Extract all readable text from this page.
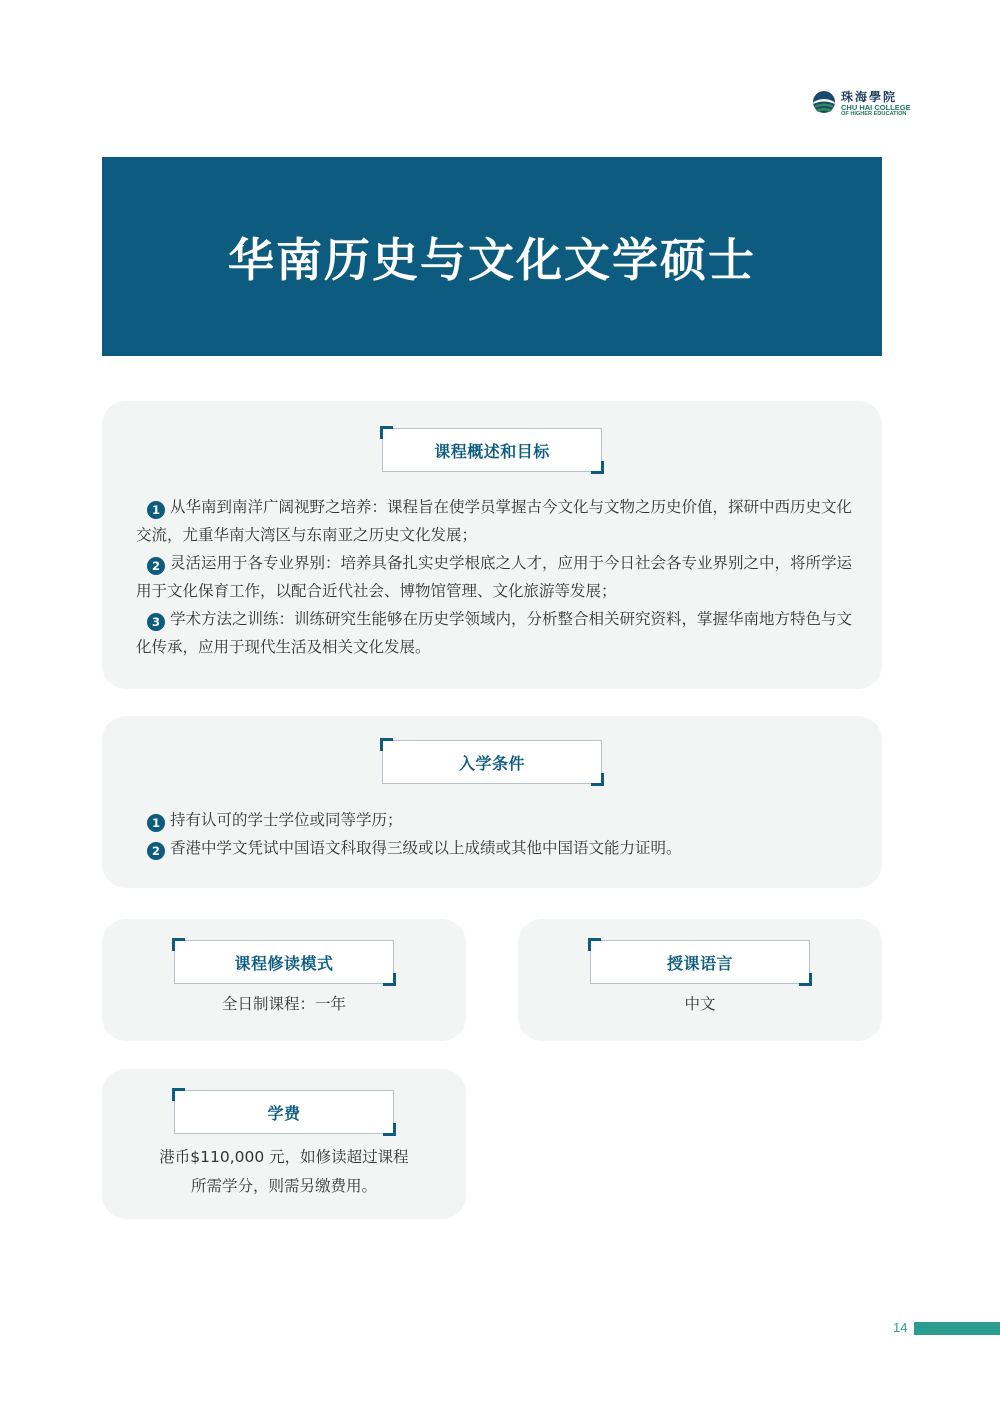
珠海學院
CHU HAI COLLEGE
OF HIGHER EDUCATION
华南历史与文化文学硕士
课程概述和目标

1 从华南到南洋广阔视野之培养：课程旨在使学员掌握古今文化与文物之历史价值，探研中西历史文化交流，尤重华南大湾区与东南亚之历史文化发展；

2 灵活运用于各专业界别：培养具备扎实史学根底之人才，应用于今日社会各专业界别之中，将所学运用于文化保育工作，以配合近代社会、博物馆管理、文化旅游等发展；

3 学术方法之训练：训练研究生能够在历史学领域内，分析整合相关研究资料，掌握华南地方特色与文化传承，应用于现代生活及相关文化发展。

入学条件

1 持有认可的学士学位或同等学历；

2 香港中学文凭试中国语文科取得三级或以上成绩或其他中国语文能力证明。

课程修读模式

全日制课程：一年

授课语言

中文

学费
港币$110,000 元，如修读超过课程
所需学分，则需另缴费用。
14
